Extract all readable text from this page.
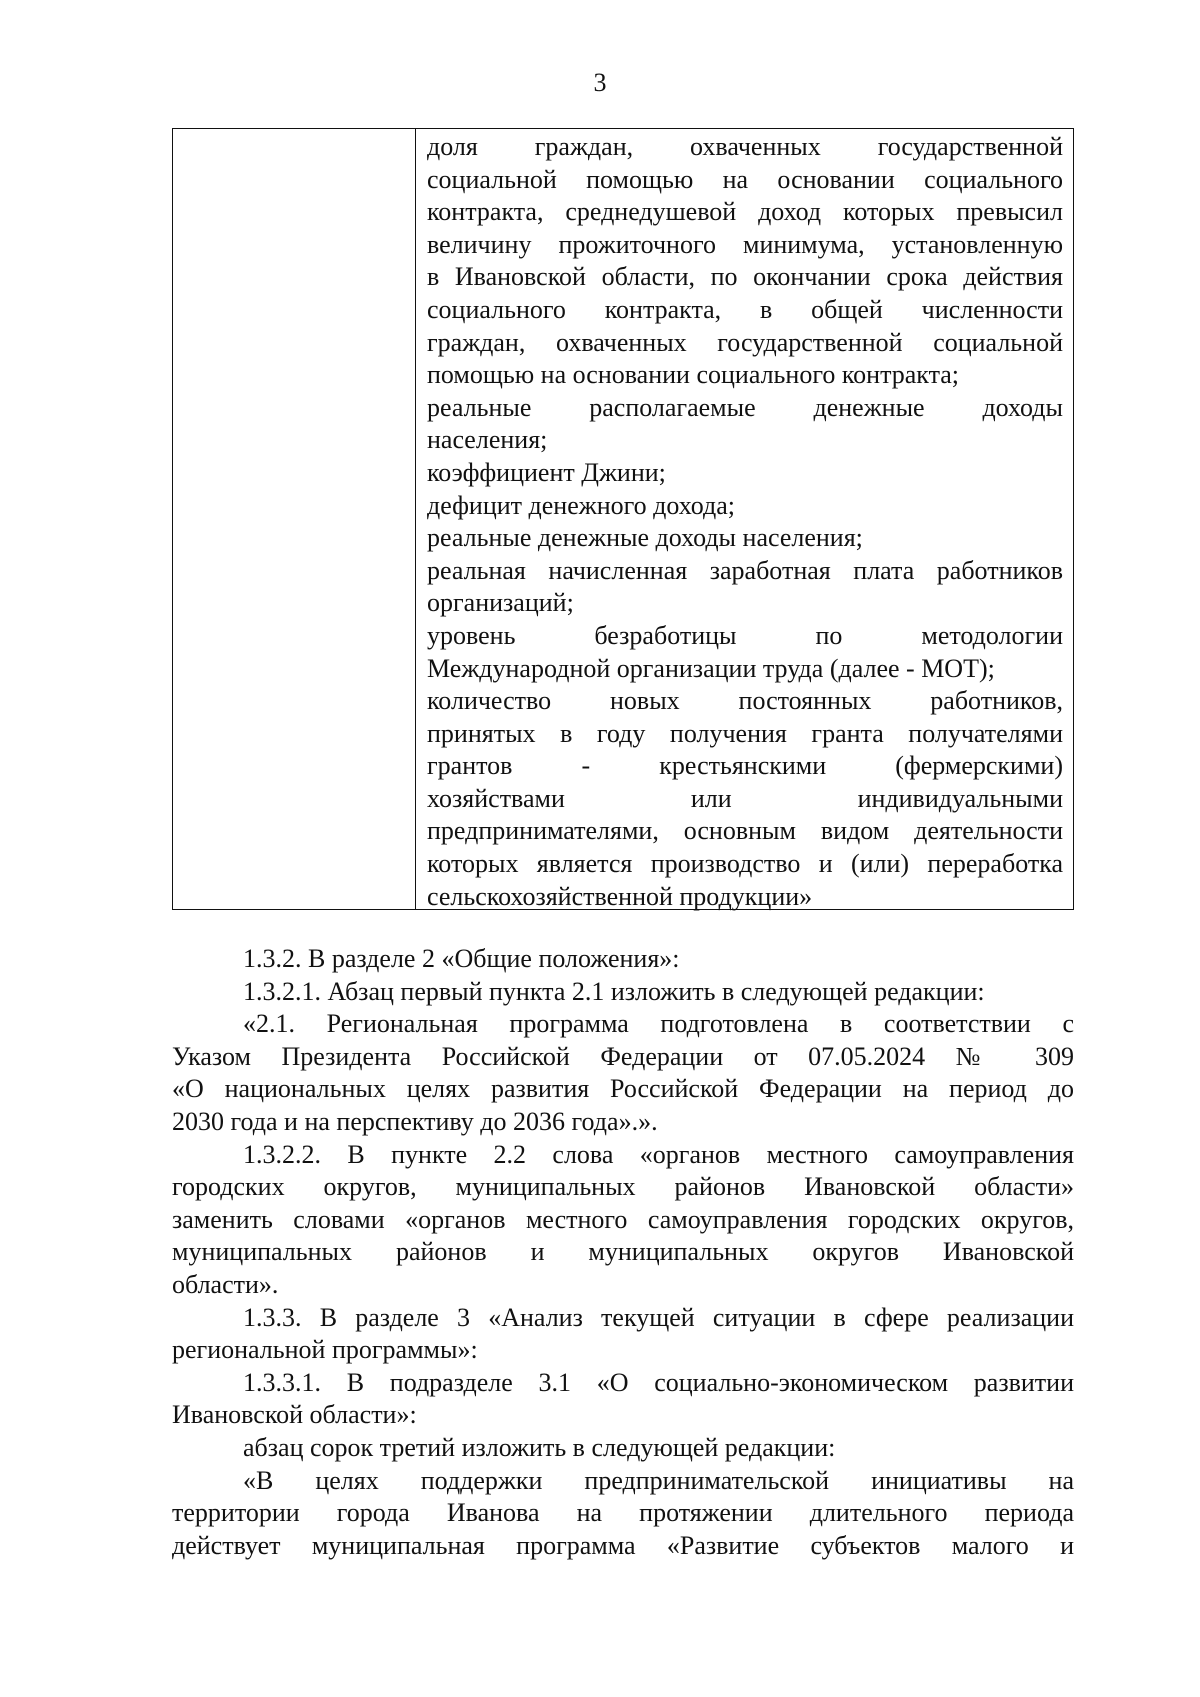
3
доля граждан, охваченных государственной
социальной помощью на основании социального
контракта, среднедушевой доход которых превысил
величину прожиточного минимума, установленную
в Ивановской области, по окончании срока действия
социального контракта, в общей численности
граждан, охваченных государственной социальной
помощью на основании социального контракта;
реальные располагаемые денежные доходы
населения;
коэффициент Джини;
дефицит денежного дохода;
реальные денежные доходы населения;
реальная начисленная заработная плата работников
организаций;
уровень безработицы по методологии
Международной организации труда (далее - МОТ);
количество новых постоянных работников,
принятых в году получения гранта получателями
грантов - крестьянскими (фермерскими)
хозяйствами или индивидуальными
предпринимателями, основным видом деятельности
которых является производство и (или) переработка
сельскохозяйственной продукции»
1.3.2. В разделе 2 «Общие положения»:
1.3.2.1. Абзац первый пункта 2.1 изложить в следующей редакции:
«2.1. Региональная программа подготовлена в соответствии с
Указом Президента Российской Федерации от 07.05.2024 № 309
«О национальных целях развития Российской Федерации на период до
2030 года и на перспективу до 2036 года».».
1.3.2.2. В пункте 2.2 слова «органов местного самоуправления
городских округов, муниципальных районов Ивановской области»
заменить словами «органов местного самоуправления городских округов,
муниципальных районов и муниципальных округов Ивановской
области».
1.3.3. В разделе 3 «Анализ текущей ситуации в сфере реализации
региональной программы»:
1.3.3.1. В подразделе 3.1 «О социально-экономическом развитии
Ивановской области»:
абзац сорок третий изложить в следующей редакции:
«В целях поддержки предпринимательской инициативы на
территории города Иванова на протяжении длительного периода
действует муниципальная программа «Развитие субъектов малого и
